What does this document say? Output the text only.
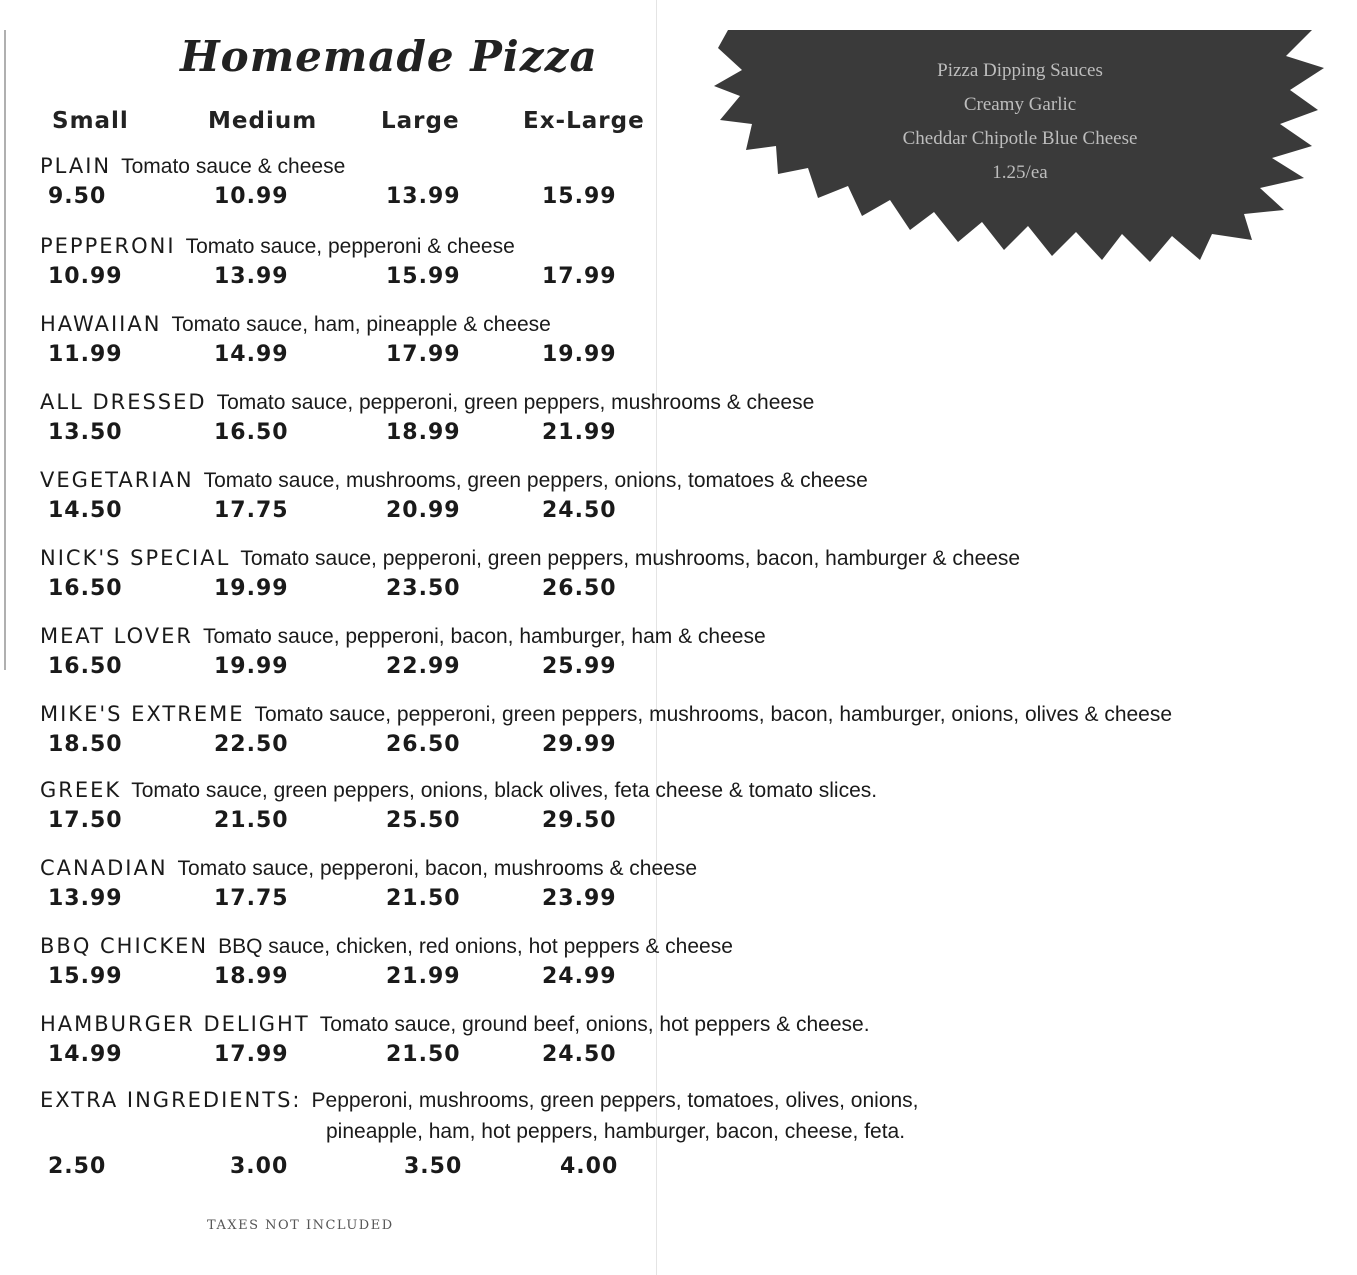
Homemade Pizza
Small	Medium	Large	Ex-Large
PLAIN Tomato sauce & cheese
9.50	10.99	13.99	15.99
PEPPERONI Tomato sauce, pepperoni & cheese
10.99	13.99	15.99	17.99
HAWAIIAN Tomato sauce, ham, pineapple & cheese
11.99	14.99	17.99	19.99
ALL DRESSED Tomato sauce, pepperoni, green peppers, mushrooms & cheese
13.50	16.50	18.99	21.99
VEGETARIAN Tomato sauce, mushrooms, green peppers, onions, tomatoes & cheese
14.50	17.75	20.99	24.50
NICK'S SPECIAL Tomato sauce, pepperoni, green peppers, mushrooms, bacon, hamburger & cheese
16.50	19.99	23.50	26.50
MEAT LOVER Tomato sauce, pepperoni, bacon, hamburger, ham & cheese
16.50	19.99	22.99	25.99
MIKE'S EXTREME Tomato sauce, pepperoni, green peppers, mushrooms, bacon, hamburger, onions, olives & cheese
18.50	22.50	26.50	29.99
GREEK Tomato sauce, green peppers, onions, black olives, feta cheese & tomato slices.
17.50	21.50	25.50	29.50
CANADIAN Tomato sauce, pepperoni, bacon, mushrooms & cheese
13.99	17.75	21.50	23.99
BBQ CHICKEN BBQ sauce, chicken, red onions, hot peppers & cheese
15.99	18.99	21.99	24.99
HAMBURGER DELIGHT Tomato sauce, ground beef, onions, hot peppers & cheese.
14.99	17.99	21.50	24.50
EXTRA INGREDIENTS: Pepperoni, mushrooms, green peppers, tomatoes, olives, onions,
2.50	3.00	3.50	4.00
pineapple, ham, hot peppers, hamburger, bacon, cheese, feta.
TAXES NOT INCLUDED
Pizza Dipping Sauces
Creamy Garlic
Cheddar Chipotle Blue Cheese
1.25/ea
